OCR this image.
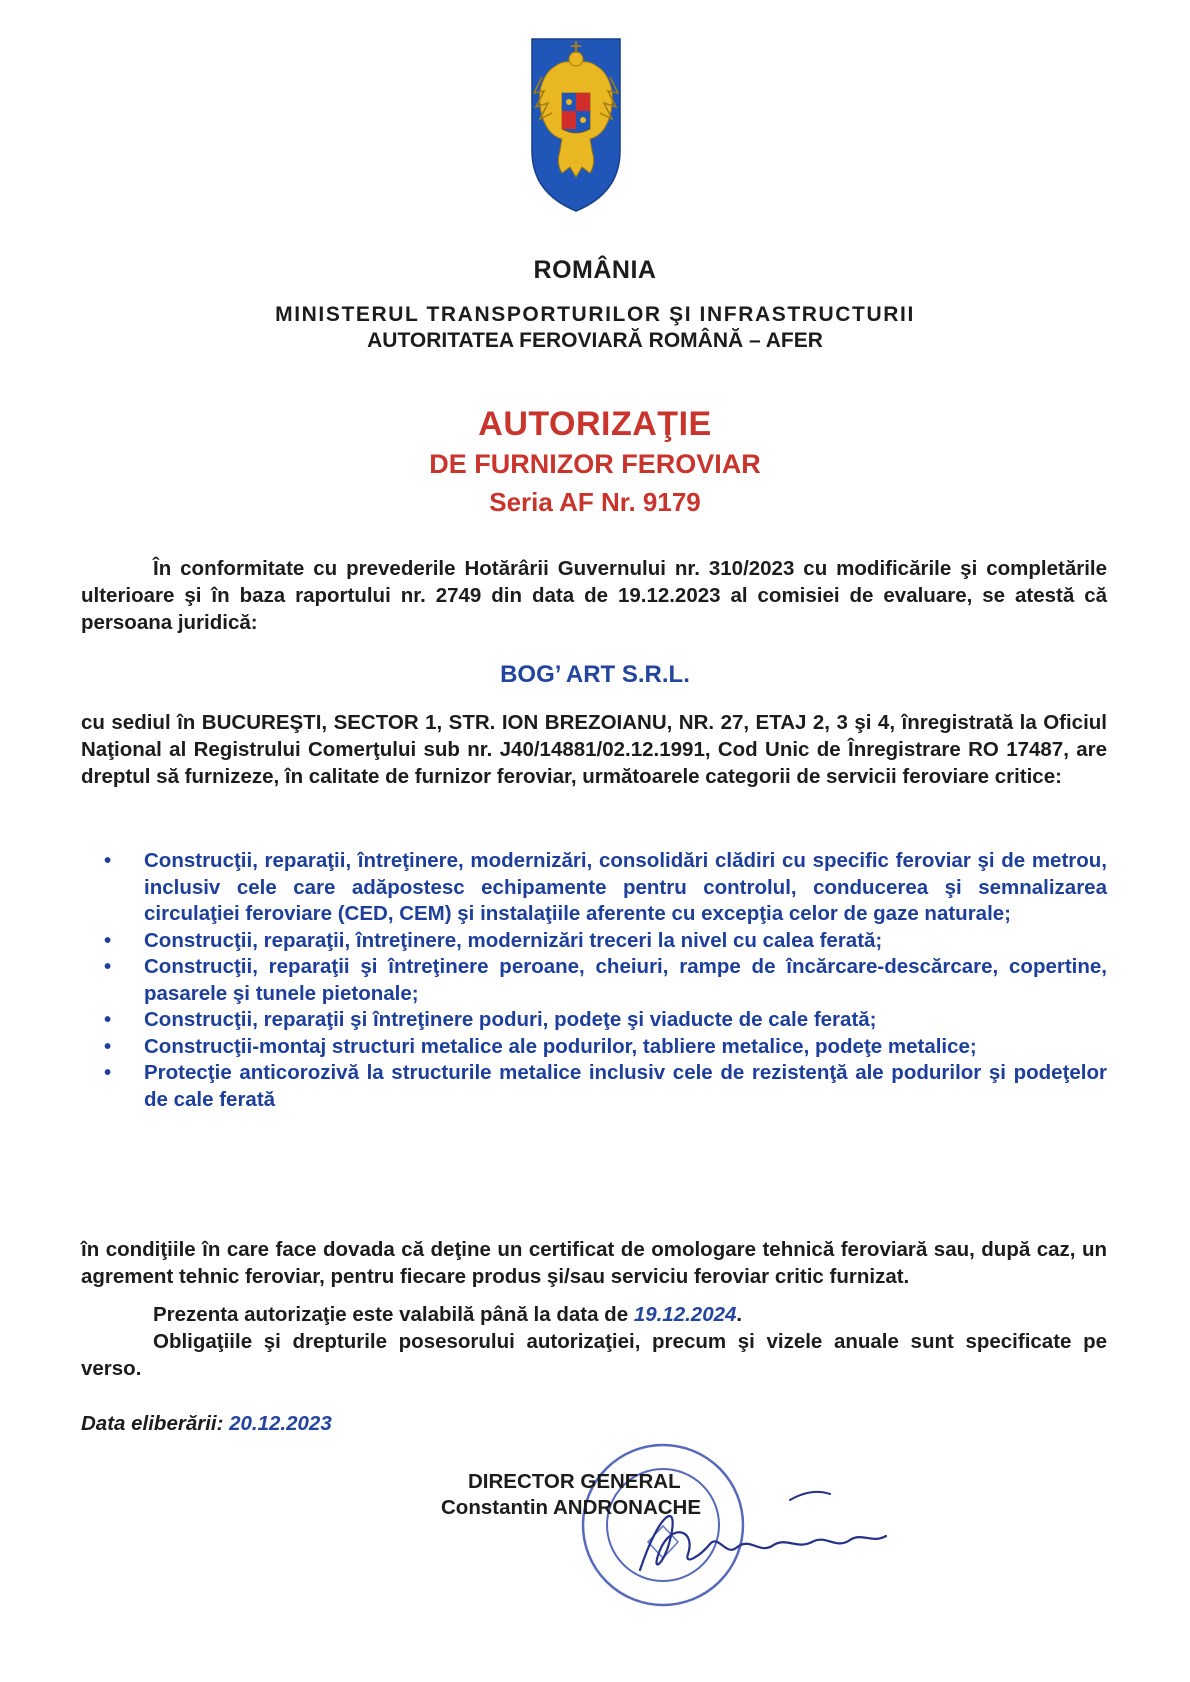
ROMÂNIA
MINISTERUL TRANSPORTURILOR ŞI INFRASTRUCTURII
AUTORITATEA FEROVIARĂ ROMÂNĂ – AFER
AUTORIZAŢIE
DE FURNIZOR FEROVIAR
Seria AF Nr. 9179
În conformitate cu prevederile Hotărârii Guvernului nr. 310/2023 cu modificările şi completările ulterioare şi în baza raportului nr. 2749 din data de 19.12.2023 al comisiei de evaluare, se atestă că persoana juridică:
BOG’ ART S.R.L.
cu sediul în BUCUREŞTI, SECTOR 1, STR. ION BREZOIANU, NR. 27, ETAJ 2, 3 şi 4, înregistrată la Oficiul Naţional al Registrului Comerţului sub nr. J40/14881/02.12.1991, Cod Unic de Înregistrare RO 17487, are dreptul să furnizeze, în calitate de furnizor feroviar, următoarele categorii de servicii feroviare critice:
• Construcţii, reparaţii, întreţinere, modernizări, consolidări clădiri cu specific feroviar şi de metrou, inclusiv cele care adăpostesc echipamente pentru controlul, conducerea şi semnalizarea circulaţiei feroviare (CED, CEM) şi instalaţiile aferente cu excepţia celor de gaze naturale;
• Construcţii, reparaţii, întreţinere, modernizări treceri la nivel cu calea ferată;
• Construcţii, reparaţii şi întreţinere peroane, cheiuri, rampe de încărcare-descărcare, copertine, pasarele şi tunele pietonale;
• Construcţii, reparaţii şi întreţinere poduri, podeţe şi viaducte de cale ferată;
• Construcţii-montaj structuri metalice ale podurilor, tabliere metalice, podeţe metalice;
• Protecţie anticorozivă la structurile metalice inclusiv cele de rezistenţă ale podurilor şi podeţelor de cale ferată
în condiţiile în care face dovada că deţine un certificat de omologare tehnică feroviară sau, după caz, un agrement tehnic feroviar, pentru fiecare produs şi/sau serviciu feroviar critic furnizat.
Prezenta autorizaţie este valabilă până la data de 19.12.2024.
Obligaţiile şi drepturile posesorului autorizaţiei, precum şi vizele anuale sunt specificate pe verso.
Data eliberării: 20.12.2023
DIRECTOR GENERAL
Constantin ANDRONACHE
